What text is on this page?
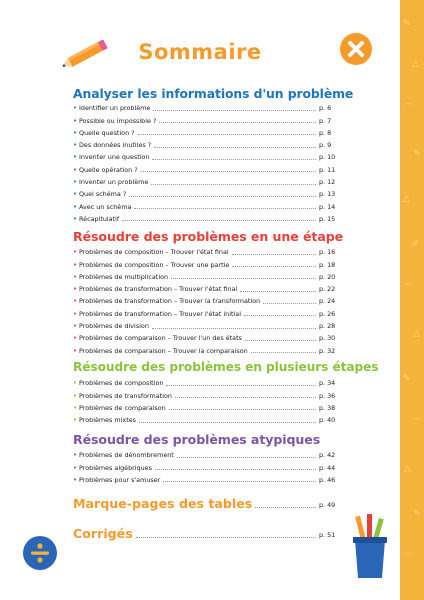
✎
△
⌒
✎
△
✐
⌒
△
✎
⌒
△
✎
⌒
Sommaire
Analyser les informations d'un problème
• Identifier un problème	p. 6
• Possible ou impossible ?	p. 7
• Quelle question ?	p. 8
• Des données inutiles ?	p. 9
• Inventer une question	p. 10
• Quelle opération ?	p. 11
• Inventer un problème	p. 12
• Quel schéma ?	p. 13
• Avec un schéma	p. 14
• Récapitulatif	p. 15
Résoudre des problèmes en une étape
• Problèmes de composition – Trouver l'état final	p. 16
• Problèmes de composition – Trouver une partie	p. 18
• Problèmes de multiplication	p. 20
• Problèmes de transformation – Trouver l'état final	p. 22
• Problèmes de transformation – Trouver la transformation	p. 24
• Problèmes de transformation – Trouver l'état initial	p. 26
• Problèmes de division	p. 28
• Problèmes de comparaison – Trouver l'un des états	p. 30
• Problèmes de comparaison – Trouver la comparaison	p. 32
Résoudre des problèmes en plusieurs étapes
• Problèmes de composition	p. 34
• Problèmes de transformation	p. 36
• Problèmes de comparaison	p. 38
• Problèmes mixtes	p. 40
Résoudre des problèmes atypiques
• Problèmes de dénombrement	p. 42
• Problèmes algébriques	p. 44
• Problèmes pour s'amuser	p. 46
Marque-pages des tables	p. 49
Corrigés	p. 51
